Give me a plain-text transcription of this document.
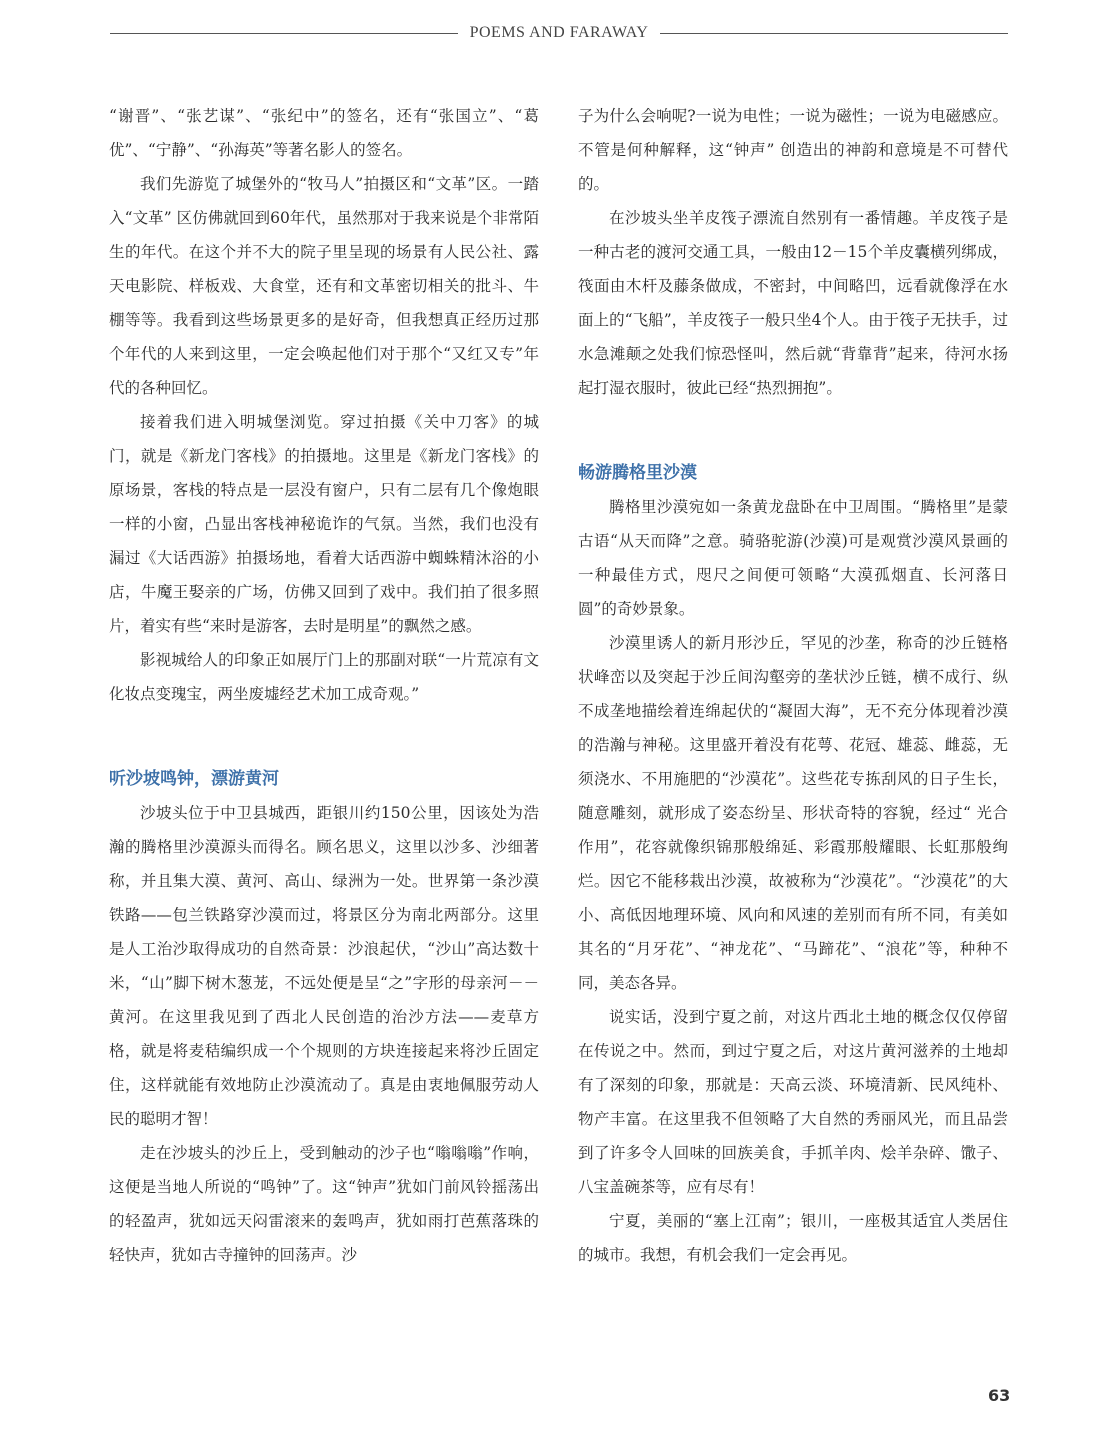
POEMS AND FARAWAY

“谢晋”、“张艺谋”、“张纪中”的签名，还有“张国立”、“葛优”、“宁静”、“孙海英”等著名影人的签名。

我们先游览了城堡外的“牧马人”拍摄区和“文革”区。一踏入“文革” 区仿佛就回到60年代，虽然那对于我来说是个非常陌生的年代。在这个并不大的院子里呈现的场景有人民公社、露天电影院、样板戏、大食堂，还有和文革密切相关的批斗、牛棚等等。我看到这些场景更多的是好奇，但我想真正经历过那个年代的人来到这里，一定会唤起他们对于那个“又红又专”年代的各种回忆。

接着我们进入明城堡浏览。穿过拍摄《关中刀客》的城门，就是《新龙门客栈》的拍摄地。这里是《新龙门客栈》的原场景，客栈的特点是一层没有窗户，只有二层有几个像炮眼一样的小窗，凸显出客栈神秘诡诈的气氛。当然，我们也没有漏过《大话西游》拍摄场地，看着大话西游中蜘蛛精沐浴的小店，牛魔王娶亲的广场，仿佛又回到了戏中。我们拍了很多照片，着实有些“来时是游客，去时是明星”的飘然之感。

影视城给人的印象正如展厅门上的那副对联“一片荒凉有文化妆点变瑰宝，两坐废墟经艺术加工成奇观。”

听沙坡鸣钟，漂游黄河

沙坡头位于中卫县城西，距银川约150公里，因该处为浩瀚的腾格里沙漠源头而得名。顾名思义，这里以沙多、沙细著称，并且集大漠、黄河、高山、绿洲为一处。世界第一条沙漠铁路——包兰铁路穿沙漠而过，将景区分为南北两部分。这里是人工治沙取得成功的自然奇景：沙浪起伏，“沙山”高达数十米，“山”脚下树木葱茏，不远处便是呈“之”字形的母亲河－－黄河。在这里我见到了西北人民创造的治沙方法——麦草方格，就是将麦秸编织成一个个规则的方块连接起来将沙丘固定住，这样就能有效地防止沙漠流动了。真是由衷地佩服劳动人民的聪明才智！

走在沙坡头的沙丘上，受到触动的沙子也“嗡嗡嗡”作响，这便是当地人所说的“鸣钟”了。这“钟声”犹如门前风铃摇荡出的轻盈声，犹如远天闷雷滚来的轰鸣声，犹如雨打芭蕉落珠的轻快声，犹如古寺撞钟的回荡声。沙

子为什么会响呢?一说为电性；一说为磁性；一说为电磁感应。不管是何种解释，这“钟声” 创造出的神韵和意境是不可替代的。

在沙坡头坐羊皮筏子漂流自然别有一番情趣。羊皮筏子是一种古老的渡河交通工具，一般由12－15个羊皮囊横列绑成，筏面由木杆及藤条做成，不密封，中间略凹，远看就像浮在水面上的“飞船”，羊皮筏子一般只坐4个人。由于筏子无扶手，过水急滩颠之处我们惊恐怪叫，然后就“背靠背”起来，待河水扬起打湿衣服时，彼此已经“热烈拥抱”。

畅游腾格里沙漠

腾格里沙漠宛如一条黄龙盘卧在中卫周围。“腾格里”是蒙古语“从天而降”之意。骑骆驼游(沙漠)可是观赏沙漠风景画的一种最佳方式，咫尺之间便可领略“大漠孤烟直、长河落日圆”的奇妙景象。

沙漠里诱人的新月形沙丘，罕见的沙垄，称奇的沙丘链格状峰峦以及突起于沙丘间沟壑旁的垄状沙丘链，横不成行、纵不成垄地描绘着连绵起伏的“凝固大海”，无不充分体现着沙漠的浩瀚与神秘。这里盛开着没有花萼、花冠、雄蕊、雌蕊，无须浇水、不用施肥的“沙漠花”。这些花专拣刮风的日子生长，随意雕刻，就形成了姿态纷呈、形状奇特的容貌，经过“ 光合作用”，花容就像织锦那般绵延、彩霞那般耀眼、长虹那般绚烂。因它不能移栽出沙漠，故被称为“沙漠花”。“沙漠花”的大小、高低因地理环境、风向和风速的差别而有所不同，有美如其名的“月牙花”、“神龙花”、“马蹄花”、“浪花”等，种种不同，美态各异。

说实话，没到宁夏之前，对这片西北土地的概念仅仅停留在传说之中。然而，到过宁夏之后，对这片黄河滋养的土地却有了深刻的印象，那就是：天高云淡、环境清新、民风纯朴、物产丰富。在这里我不但领略了大自然的秀丽风光，而且品尝到了许多令人回味的回族美食，手抓羊肉、烩羊杂碎、馓子、八宝盖碗茶等，应有尽有！

宁夏，美丽的“塞上江南”；银川，一座极其适宜人类居住的城市。我想，有机会我们一定会再见。

63
